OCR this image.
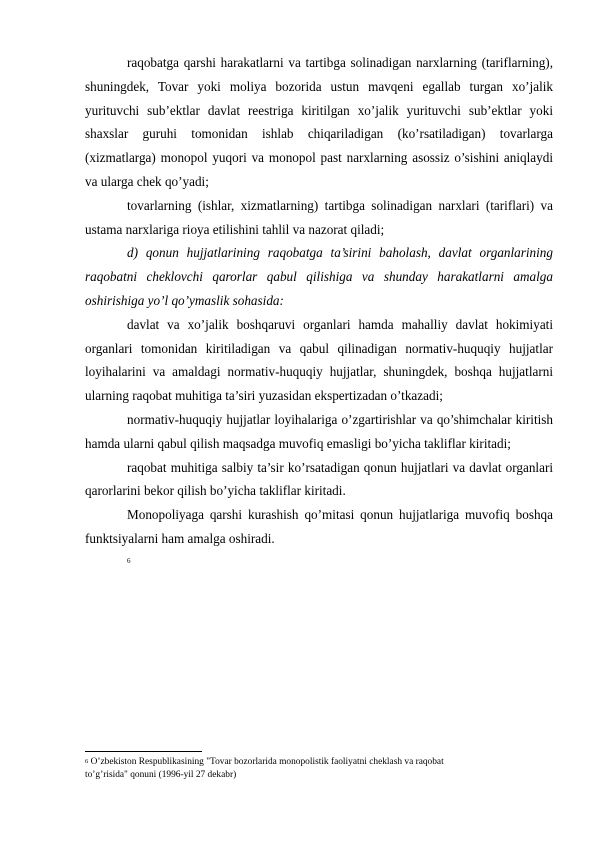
raqobatga qarshi harakatlarni va tartibga solinadigan narxlarning (tariflarning), shuningdek, Tovar yoki moliya bozorida ustun mavqeni egallab turgan xo’jalik yurituvchi sub’ektlar davlat reestriga kiritilgan xo’jalik yurituvchi sub’ektlar yoki shaxslar guruhi tomonidan ishlab chiqariladigan (ko’rsatiladigan) tovarlarga (xizmatlarga) monopol yuqori va monopol past narxlarning asossiz o’sishini aniqlaydi va ularga chek qo’yadi;

tovarlarning (ishlar, xizmatlarning) tartibga solinadigan narxlari (tariflari) va ustama narxlariga rioya etilishini tahlil va nazorat qiladi;

d) qonun hujjatlarining raqobatga ta’sirini baholash, davlat organlarining raqobatni cheklovchi qarorlar qabul qilishiga va shunday harakatlarni amalga oshirishiga yo’l qo’ymaslik sohasida:

davlat va xo’jalik boshqaruvi organlari hamda mahalliy davlat hokimiyati organlari tomonidan kiritiladigan va qabul qilinadigan normativ-huquqiy hujjatlar loyihalarini va amaldagi normativ-huquqiy hujjatlar, shuningdek, boshqa hujjatlarni ularning raqobat muhitiga ta’siri yuzasidan ekspertizadan o’tkazadi;

normativ-huquqiy hujjatlar loyihalariga o’zgartirishlar va qo’shimchalar kiritish hamda ularni qabul qilish maqsadga muvofiq emasligi bo’yicha takliflar kiritadi;

raqobat muhitiga salbiy ta’sir ko’rsatadigan qonun hujjatlari va davlat organlari qarorlarini bekor qilish bo’yicha takliflar kiritadi.

Monopoliyaga qarshi kurashish qo’mitasi qonun hujjatlariga muvofiq boshqa funktsiyalarni ham amalga oshiradi.

6

$^6$ O’zbekiston Respublikasining "Tovar bozorlarida monopolistik faoliyatni cheklash va raqobat
to’g’risida" qonuni (1996-yil 27 dekabr)
